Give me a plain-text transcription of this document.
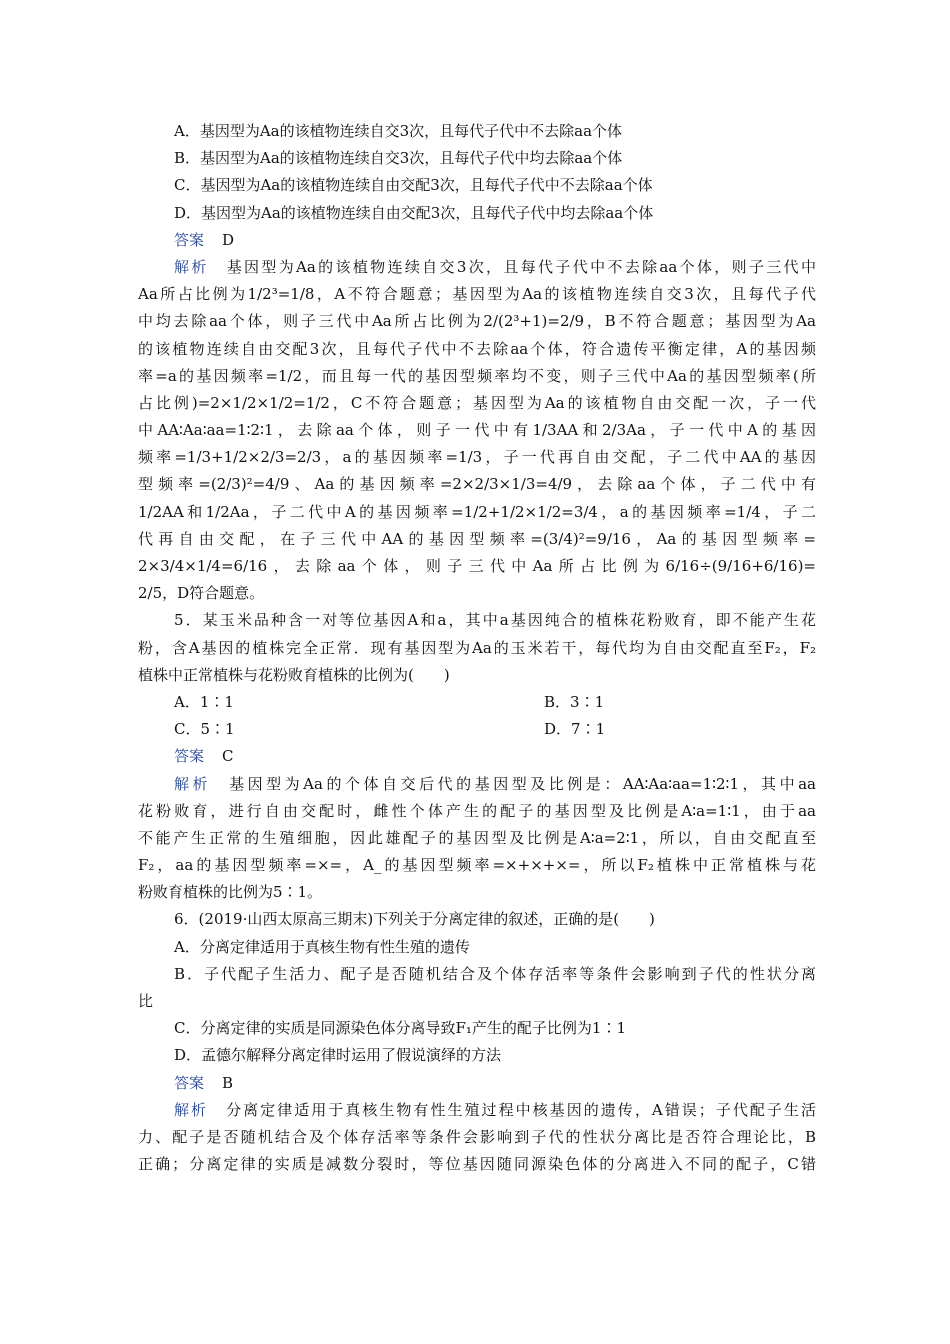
A．基因型为Aa的该植物连续自交3次，且每代子代中不去除aa个体
B．基因型为Aa的该植物连续自交3次，且每代子代中均去除aa个体
C．基因型为Aa的该植物连续自由交配3次，且每代子代中不去除aa个体
D．基因型为Aa的该植物连续自由交配3次，且每代子代中均去除aa个体
答案 D
解析 基因型为Aa的该植物连续自交3次，且每代子代中不去除aa个体，则子三代中
Aa所占比例为1/2³=1/8，A不符合题意；基因型为Aa的该植物连续自交3次，且每代子代
中均去除aa个体，则子三代中Aa所占比例为2/(2³+1)=2/9，B不符合题意；基因型为Aa
的该植物连续自由交配3次，且每代子代中不去除aa个体，符合遗传平衡定律，A的基因频
率=a的基因频率=1/2，而且每一代的基因型频率均不变，则子三代中Aa的基因型频率(所
占比例)=2×1/2×1/2=1/2，C不符合题意；基因型为Aa的该植物自由交配一次，子一代
中AA∶Aa∶aa=1∶2∶1，去除aa个体，则子一代中有1/3AA和2/3Aa，子一代中A的基因
频率=1/3+1/2×2/3=2/3，a的基因频率=1/3，子一代再自由交配，子二代中AA的基因
型频率=(2/3)²=4/9、Aa的基因频率=2×2/3×1/3=4/9，去除aa个体，子二代中有
1/2AA和1/2Aa，子二代中A的基因频率=1/2+1/2×1/2=3/4，a的基因频率=1/4，子二
代再自由交配，在子三代中AA的基因型频率=(3/4)²=9/16，Aa的基因型频率=
2×3/4×1/4=6/16，去除aa个体，则子三代中Aa所占比例为6/16÷(9/16+6/16)=
2/5，D符合题意。
5．某玉米品种含一对等位基因A和a，其中a基因纯合的植株花粉败育，即不能产生花
粉，含A基因的植株完全正常．现有基因型为Aa的玉米若干，每代均为自由交配直至F₂，F₂
植株中正常植株与花粉败育植株的比例为(　　)
A．1∶1	B．3∶1
C．5∶1	D．7∶1
答案 C
解析 基因型为Aa的个体自交后代的基因型及比例是：AA∶Aa∶aa=1∶2∶1，其中aa
花粉败育，进行自由交配时，雌性个体产生的配子的基因型及比例是A∶a=1∶1，由于aa
不能产生正常的生殖细胞，因此雄配子的基因型及比例是A∶a=2∶1，所以，自由交配直至
F₂，aa的基因型频率=×=，A_的基因型频率=×+×+×=，所以F₂植株中正常植株与花
粉败育植株的比例为5∶1。
6．(2019·山西太原高三期末)下列关于分离定律的叙述，正确的是(　　)
A．分离定律适用于真核生物有性生殖的遗传
B．子代配子生活力、配子是否随机结合及个体存活率等条件会影响到子代的性状分离
比
C．分离定律的实质是同源染色体分离导致F₁产生的配子比例为1∶1
D．孟德尔解释分离定律时运用了假说演绎的方法
答案 B
解析 分离定律适用于真核生物有性生殖过程中核基因的遗传，A错误；子代配子生活
力、配子是否随机结合及个体存活率等条件会影响到子代的性状分离比是否符合理论比，B
正确；分离定律的实质是减数分裂时，等位基因随同源染色体的分离进入不同的配子，C错
